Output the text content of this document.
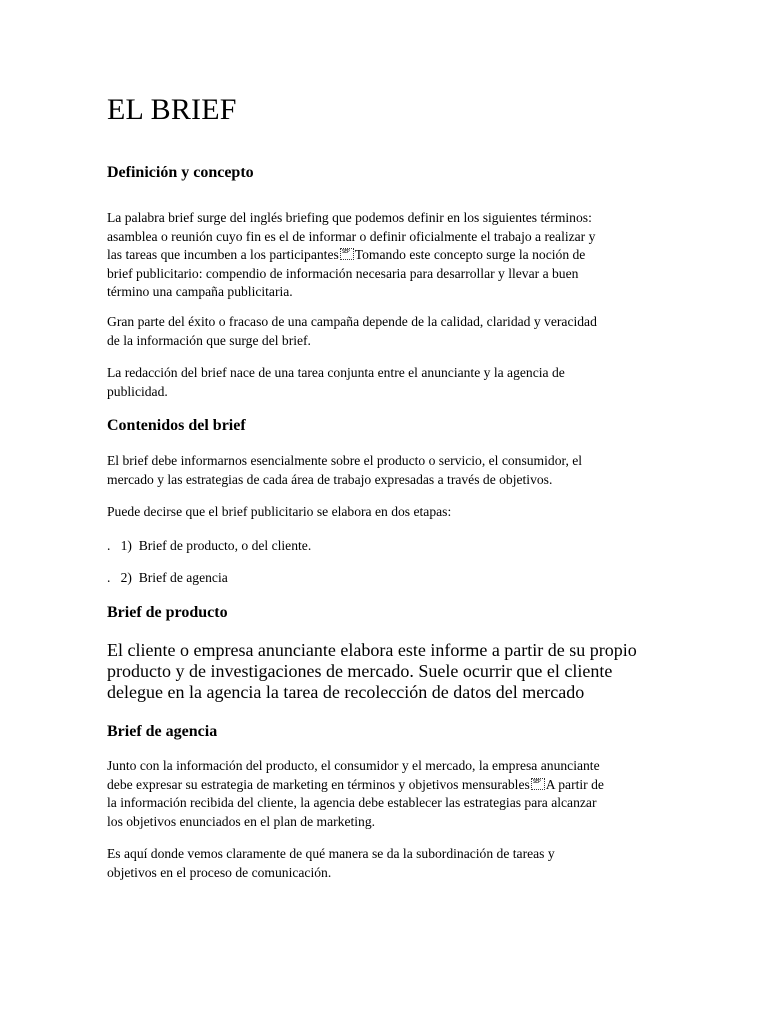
EL BRIEF
Definición y concepto

La palabra brief surge del inglés briefing que podemos definir en los siguientes términos:
asamblea o reunión cuyo fin es el de informar o definir oficialmente el trabajo a realizar y
las tareas que incumben a los participantes SEP Tomando este concepto surge la noción de
brief publicitario: compendio de información necesaria para desarrollar y llevar a buen
término una campaña publicitaria.

Gran parte del éxito o fracaso de una campaña depende de la calidad, claridad y veracidad
de la información que surge del brief.

La redacción del brief nace de una tarea conjunta entre el anunciante y la agencia de
publicidad.

Contenidos del brief

El brief debe informarnos esencialmente sobre el producto o servicio, el consumidor, el
mercado y las estrategias de cada área de trabajo expresadas a través de objetivos.

Puede decirse que el brief publicitario se elabora en dos etapas:

.   1)  Brief de producto, o del cliente.

.   2)  Brief de agencia

Brief de producto

El cliente o empresa anunciante elabora este informe a partir de su propio
producto y de investigaciones de mercado. Suele ocurrir que el cliente
delegue en la agencia la tarea de recolección de datos del mercado

Brief de agencia

Junto con la información del producto, el consumidor y el mercado, la empresa anunciante
debe expresar su estrategia de marketing en términos y objetivos mensurables SEP A partir de
la información recibida del cliente, la agencia debe establecer las estrategias para alcanzar
los objetivos enunciados en el plan de marketing.

Es aquí donde vemos claramente de qué manera se da la subordinación de tareas y
objetivos en el proceso de comunicación.
